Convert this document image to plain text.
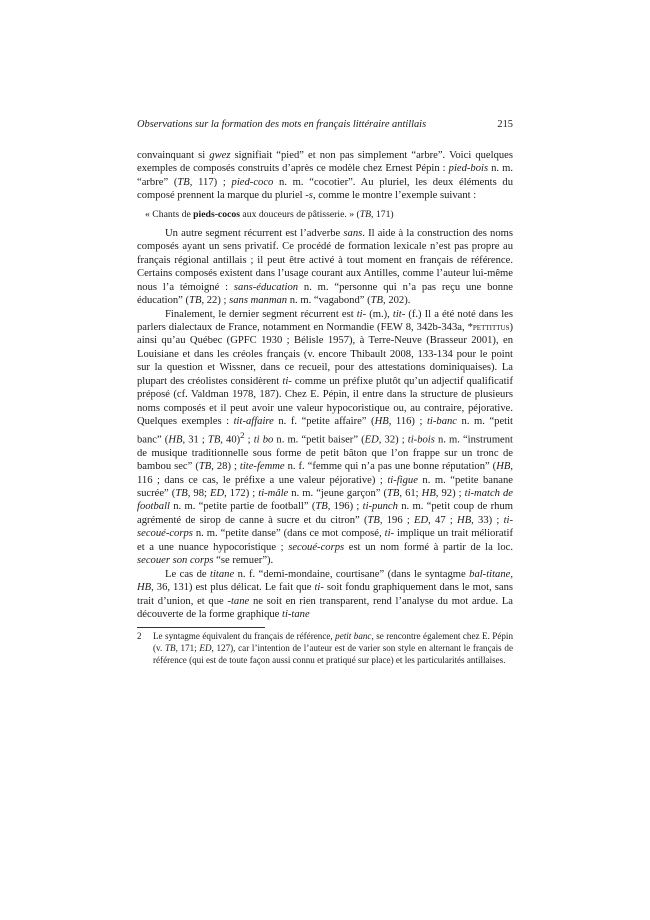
Observations sur la formation des mots en français littéraire antillais	215

convainquant si gwez signifiait “pied” et non pas simplement “arbre”. Voici quelques exemples de composés construits d’après ce modèle chez Ernest Pépin : pied-bois n. m. “arbre” (TB, 117) ; pied-coco n. m. “cocotier”. Au pluriel, les deux éléments du composé prennent la marque du pluriel -s, comme le montre l’exemple suivant :

« Chants de pieds-cocos aux douceurs de pâtisserie. » (TB, 171)

Un autre segment récurrent est l’adverbe sans. Il aide à la construction des noms composés ayant un sens privatif. Ce procédé de formation lexicale n’est pas propre au français régional antillais ; il peut être activé à tout moment en français de référence. Certains composés existent dans l’usage courant aux Antilles, comme l’auteur lui-même nous l’a témoigné : sans-éducation n. m. “personne qui n’a pas reçu une bonne éducation” (TB, 22) ; sans manman n. m. “vagabond” (TB, 202).

Finalement, le dernier segment récurrent est ti- (m.), tit- (f.) Il a été noté dans les parlers dialectaux de France, notamment en Normandie (FEW 8, 342b-343a, *pettittus) ainsi qu’au Québec (GPFC 1930 ; Bélisle 1957), à Terre-Neuve (Brasseur 2001), en Louisiane et dans les créoles français (v. encore Thibault 2008, 133-134 pour le point sur la question et Wissner, dans ce recueil, pour des attestations dominiquaises). La plupart des créolistes considèrent ti- comme un préfixe plutôt qu’un adjectif qualificatif préposé (cf. Valdman 1978, 187). Chez E. Pépin, il entre dans la structure de plusieurs noms composés et il peut avoir une valeur hypocoristique ou, au contraire, péjorative. Quelques exemples : tit-affaire n. f. “petite affaire” (HB, 116) ; ti-banc n. m. “petit banc” (HB, 31 ; TB, 40)$^2$ ; ti bo n. m. “petit baiser” (ED, 32) ; ti-bois n. m. “instrument de musique traditionnelle sous forme de petit bâton que l’on frappe sur un tronc de bambou sec” (TB, 28) ; tite-femme n. f. “femme qui n’a pas une bonne réputation” (HB, 116 ; dans ce cas, le préfixe a une valeur péjorative) ; ti-figue n. m. “petite banane sucrée” (TB, 98; ED, 172) ; ti-mâle n. m. “jeune garçon” (TB, 61; HB, 92) ; ti-match de football n. m. “petite partie de football” (TB, 196) ; ti-punch n. m. “petit coup de rhum agrémenté de sirop de canne à sucre et du citron” (TB, 196 ; ED, 47 ; HB, 33) ; ti-secoué-corps n. m. “petite danse” (dans ce mot composé, ti- implique un trait mélioratif et a une nuance hypocoristique ; secoué-corps est un nom formé à partir de la loc. secouer son corps “se remuer”).

Le cas de titane n. f. “demi-mondaine, courtisane” (dans le syntagme bal-titane, HB, 36, 131) est plus délicat. Le fait que ti- soit fondu graphiquement dans le mot, sans trait d’union, et que -tane ne soit en rien transparent, rend l’analyse du mot ardue. La découverte de la forme graphique ti-tane

2	Le syntagme équivalent du français de référence, petit banc, se rencontre également chez E. Pépin (v. TB, 171; ED, 127), car l’intention de l’auteur est de varier son style en alternant le français de référence (qui est de toute façon aussi connu et pratiqué sur place) et les particularités antillaises.
